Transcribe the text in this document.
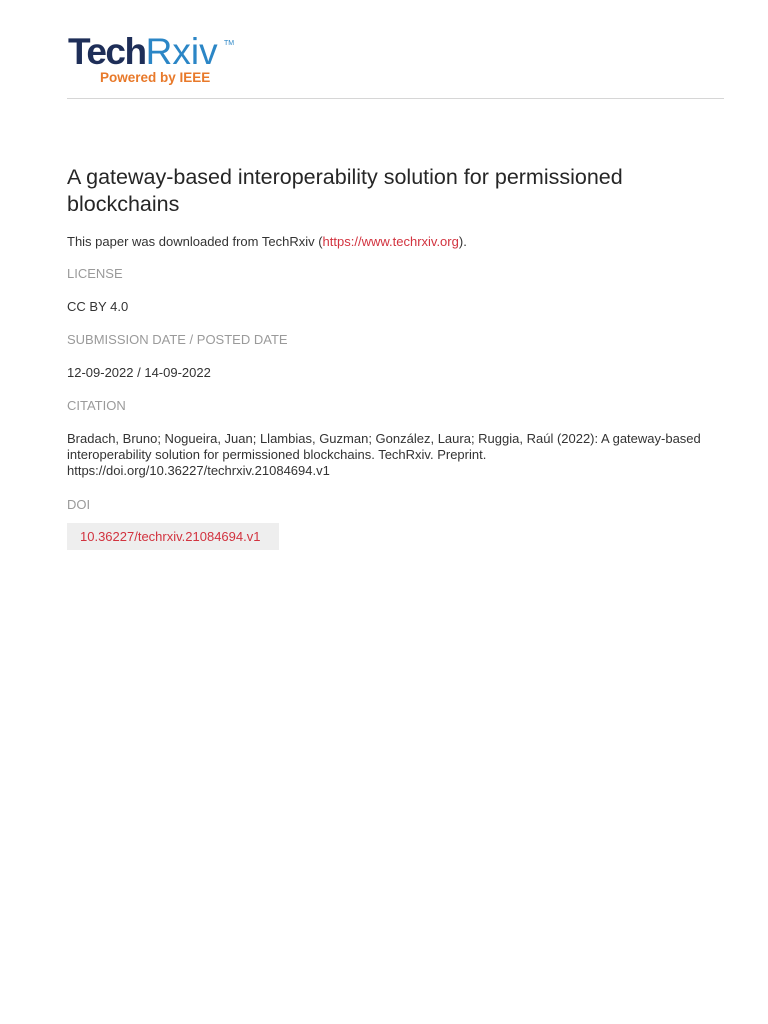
TechRxiv TM
Powered by IEEE
A gateway-based interoperability solution for permissioned blockchains
This paper was downloaded from TechRxiv (https://www.techrxiv.org).
LICENSE
CC BY 4.0
SUBMISSION DATE / POSTED DATE
12-09-2022 / 14-09-2022
CITATION

Bradach, Bruno; Nogueira, Juan; Llambias, Guzman; González, Laura; Ruggia, Raúl (2022): A gateway-based interoperability solution for permissioned blockchains. TechRxiv. Preprint. https://doi.org/10.36227/techrxiv.21084694.v1

DOI
10.36227/techrxiv.21084694.v1
